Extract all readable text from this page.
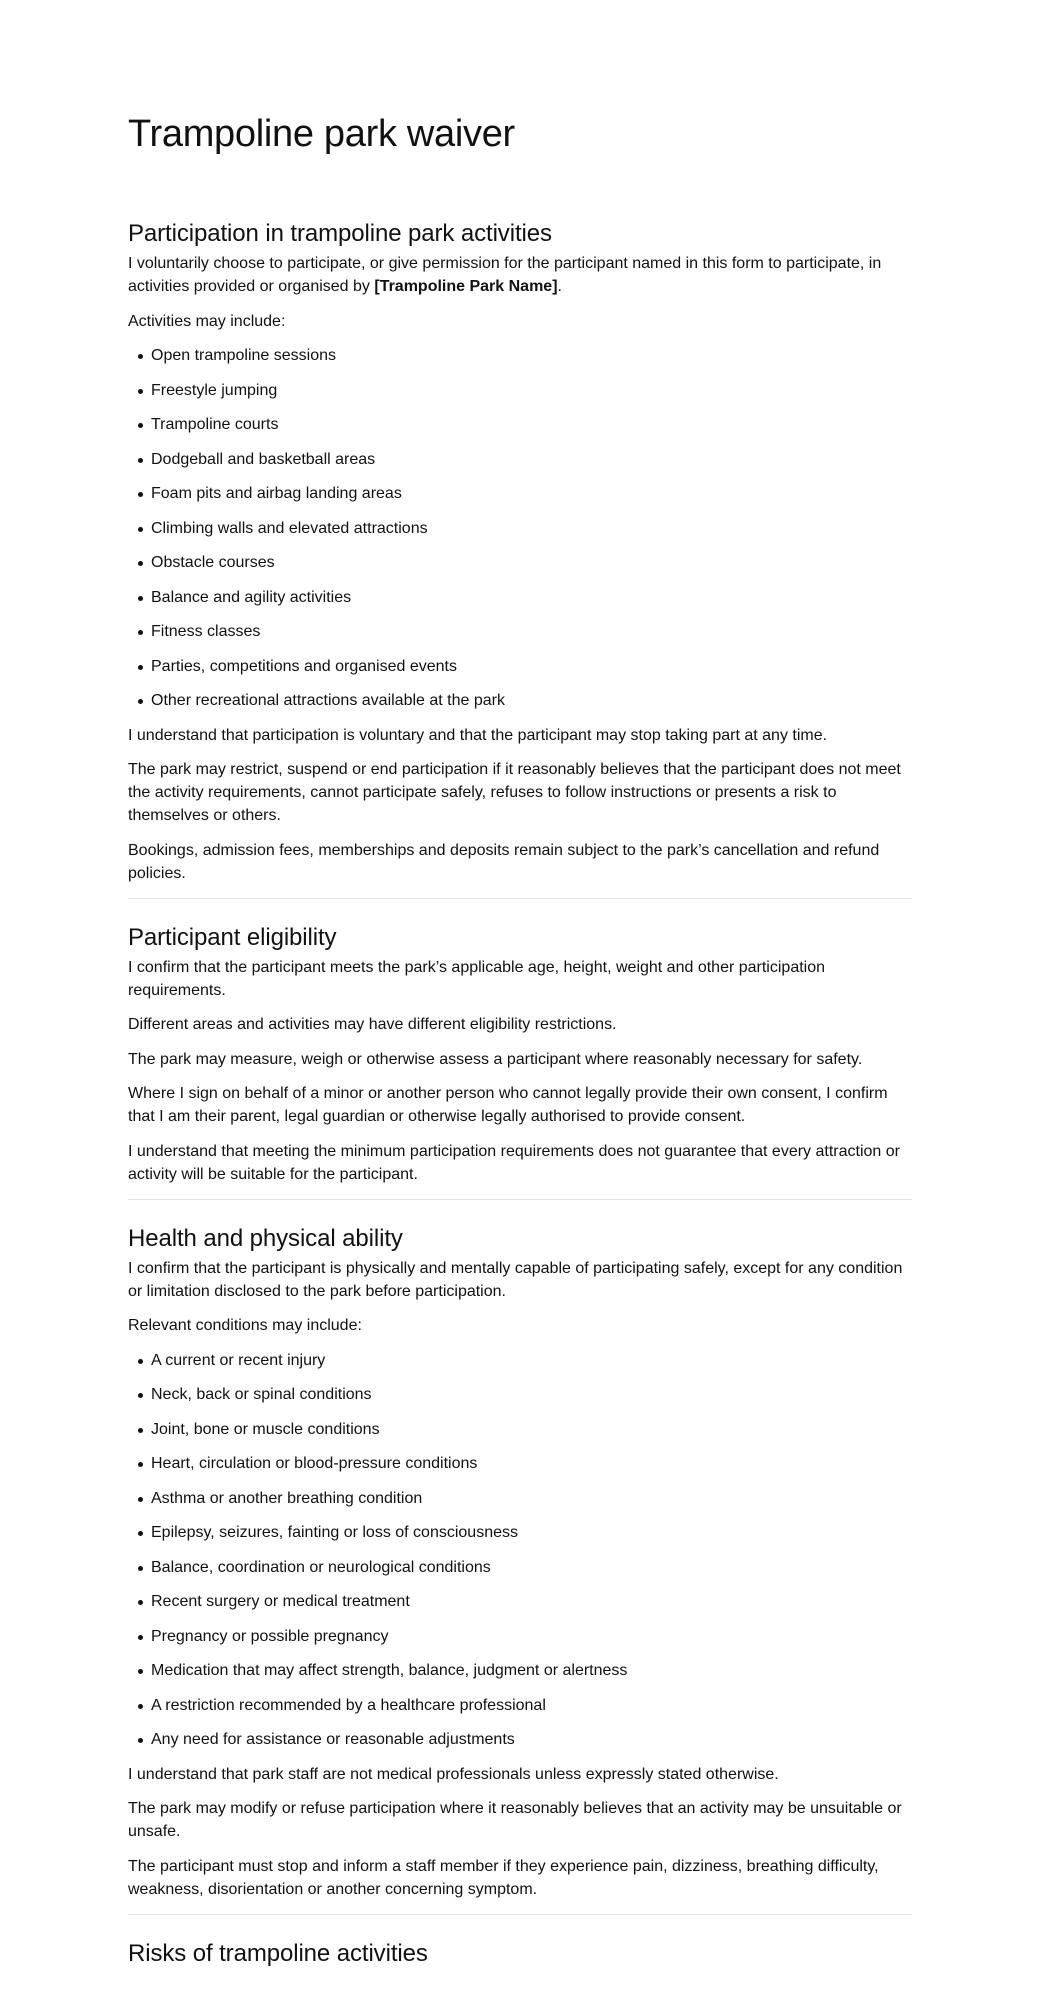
Trampoline park waiver
Participation in trampoline park activities

I voluntarily choose to participate, or give permission for the participant named in this form to participate, in activities provided or organised by [Trampoline Park Name].

Activities may include:

Open trampoline sessions
Freestyle jumping
Trampoline courts
Dodgeball and basketball areas
Foam pits and airbag landing areas
Climbing walls and elevated attractions
Obstacle courses
Balance and agility activities
Fitness classes
Parties, competitions and organised events
Other recreational attractions available at the park

I understand that participation is voluntary and that the participant may stop taking part at any time.

The park may restrict, suspend or end participation if it reasonably believes that the participant does not meet the activity requirements, cannot participate safely, refuses to follow instructions or presents a risk to themselves or others.

Bookings, admission fees, memberships and deposits remain subject to the park’s cancellation and refund policies.

Participant eligibility

I confirm that the participant meets the park’s applicable age, height, weight and other participation requirements.

Different areas and activities may have different eligibility restrictions.

The park may measure, weigh or otherwise assess a participant where reasonably necessary for safety.

Where I sign on behalf of a minor or another person who cannot legally provide their own consent, I confirm that I am their parent, legal guardian or otherwise legally authorised to provide consent.

I understand that meeting the minimum participation requirements does not guarantee that every attraction or activity will be suitable for the participant.

Health and physical ability

I confirm that the participant is physically and mentally capable of participating safely, except for any condition or limitation disclosed to the park before participation.

Relevant conditions may include:

A current or recent injury
Neck, back or spinal conditions
Joint, bone or muscle conditions
Heart, circulation or blood-pressure conditions
Asthma or another breathing condition
Epilepsy, seizures, fainting or loss of consciousness
Balance, coordination or neurological conditions
Recent surgery or medical treatment
Pregnancy or possible pregnancy
Medication that may affect strength, balance, judgment or alertness
A restriction recommended by a healthcare professional
Any need for assistance or reasonable adjustments

I understand that park staff are not medical professionals unless expressly stated otherwise.

The park may modify or refuse participation where it reasonably believes that an activity may be unsuitable or unsafe.

The participant must stop and inform a staff member if they experience pain, dizziness, breathing difficulty, weakness, disorientation or another concerning symptom.

Risks of trampoline activities
